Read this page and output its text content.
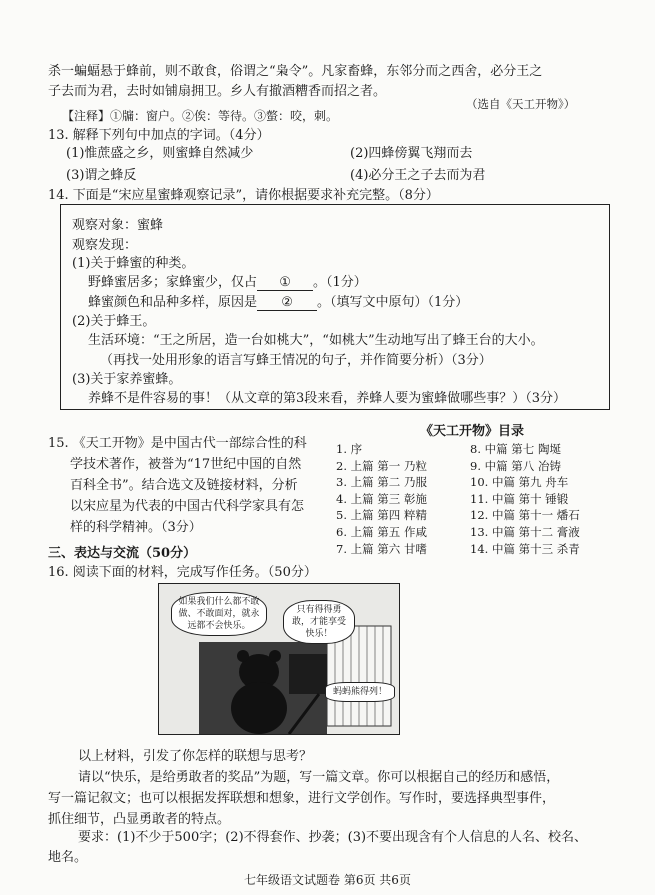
杀一蝙蝠悬于蜂前，则不敢食，俗谓之“枭令”。凡家畜蜂，东邻分而之西舍，必分王之
子去而为君，去时如铺扇拥卫。乡人有撤酒糟香而招之者。
（选自《天工开物》）
【注释】①牖：窗户。②俟：等待。③螫：咬，刺。
13. 解释下列句中加点的字词。（4分）
(1)惟蔗盛之乡，则蜜蜂自然减少	(2)四蜂傍翼飞翔而去
(3)谓之蜂反	(4)必分王之子去而为君
14. 下面是“宋应星蜜蜂观察记录”，请你根据要求补充完整。（8分）
观察对象：蜜蜂
观察发现：
(1)关于蜂蜜的种类。
野蜂蜜居多；家蜂蜜少，仅占 ① 。（1分）
蜂蜜颜色和品种多样，原因是 ② 。（填写文中原句）（1分）
(2)关于蜂王。
生活环境：“王之所居，造一台如桃大”，“如桃大”生动地写出了蜂王台的大小。
（再找一处用形象的语言写蜂王情况的句子，并作简要分析）（3分）
(3)关于家养蜜蜂。
养蜂不是件容易的事！（从文章的第3段来看，养蜂人要为蜜蜂做哪些事？）（3分）
15. 《天工开物》是中国古代一部综合性的科
学技术著作，被誉为“17世纪中国的自然
百科全书”。结合选文及链接材料，分析
以宋应星为代表的中国古代科学家具有怎
样的科学精神。（3分）
《天工开物》目录
1. 序
2. 上篇 第一 乃粒
3. 上篇 第二 乃服
4. 上篇 第三 彰施
5. 上篇 第四 粹精
6. 上篇 第五 作咸
7. 上篇 第六 甘嗜
8. 中篇 第七 陶埏
9. 中篇 第八 冶铸
10. 中篇 第九 舟车
11. 中篇 第十 锤锻
12. 中篇 第十一 燔石
13. 中篇 第十二 膏液
14. 中篇 第十三 杀青
三、表达与交流（50分）
16. 阅读下面的材料，完成写作任务。（50分）
如果我们什么都不敢做、不敢面对，就永远都不会快乐。
只有得得勇敢，才能享受快乐！
蚂蚂熊得列！
以上材料，引发了你怎样的联想与思考？
请以“快乐，是给勇敢者的奖品”为题，写一篇文章。你可以根据自己的经历和感悟，
写一篇记叙文；也可以根据发挥联想和想象，进行文学创作。写作时，要选择典型事件，
抓住细节，凸显勇敢者的特点。
要求：(1)不少于500字；(2)不得套作、抄袭；(3)不要出现含有个人信息的人名、校名、
地名。
七年级语文试题卷 第6页 共6页
